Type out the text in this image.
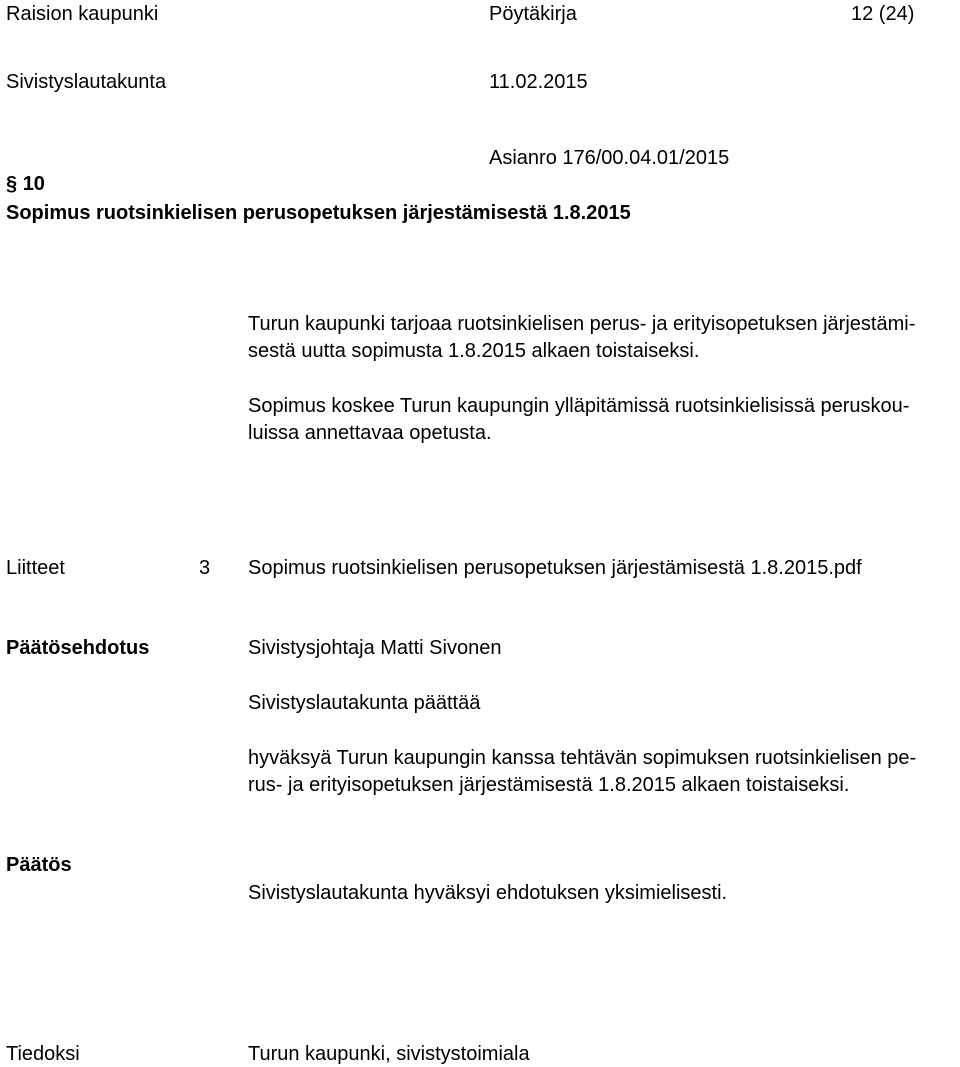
Raision kaupunki	Pöytäkirja	12 (24)
Sivistyslautakunta	11.02.2015
Asianro 176/00.04.01/2015
§ 10
Sopimus ruotsinkielisen perusopetuksen järjestämisestä 1.8.2015
Turun kaupunki tarjoaa ruotsinkielisen perus- ja erityisopetuksen järjestämi-
sestä uutta sopimusta 1.8.2015 alkaen toistaiseksi.
Sopimus koskee Turun kaupungin ylläpitämissä ruotsinkielisissä peruskou-
luissa annettavaa opetusta.
Liitteet	3 Sopimus ruotsinkielisen perusopetuksen järjestämisestä 1.8.2015.pdf
Päätösehdotus	Sivistysjohtaja Matti Sivonen
Sivistyslautakunta päättää
hyväksyä Turun kaupungin kanssa tehtävän sopimuksen ruotsinkielisen pe-
rus- ja erityisopetuksen järjestämisestä 1.8.2015 alkaen toistaiseksi.
Päätös
Sivistyslautakunta hyväksyi ehdotuksen yksimielisesti.
Tiedoksi	Turun kaupunki, sivistystoimiala
